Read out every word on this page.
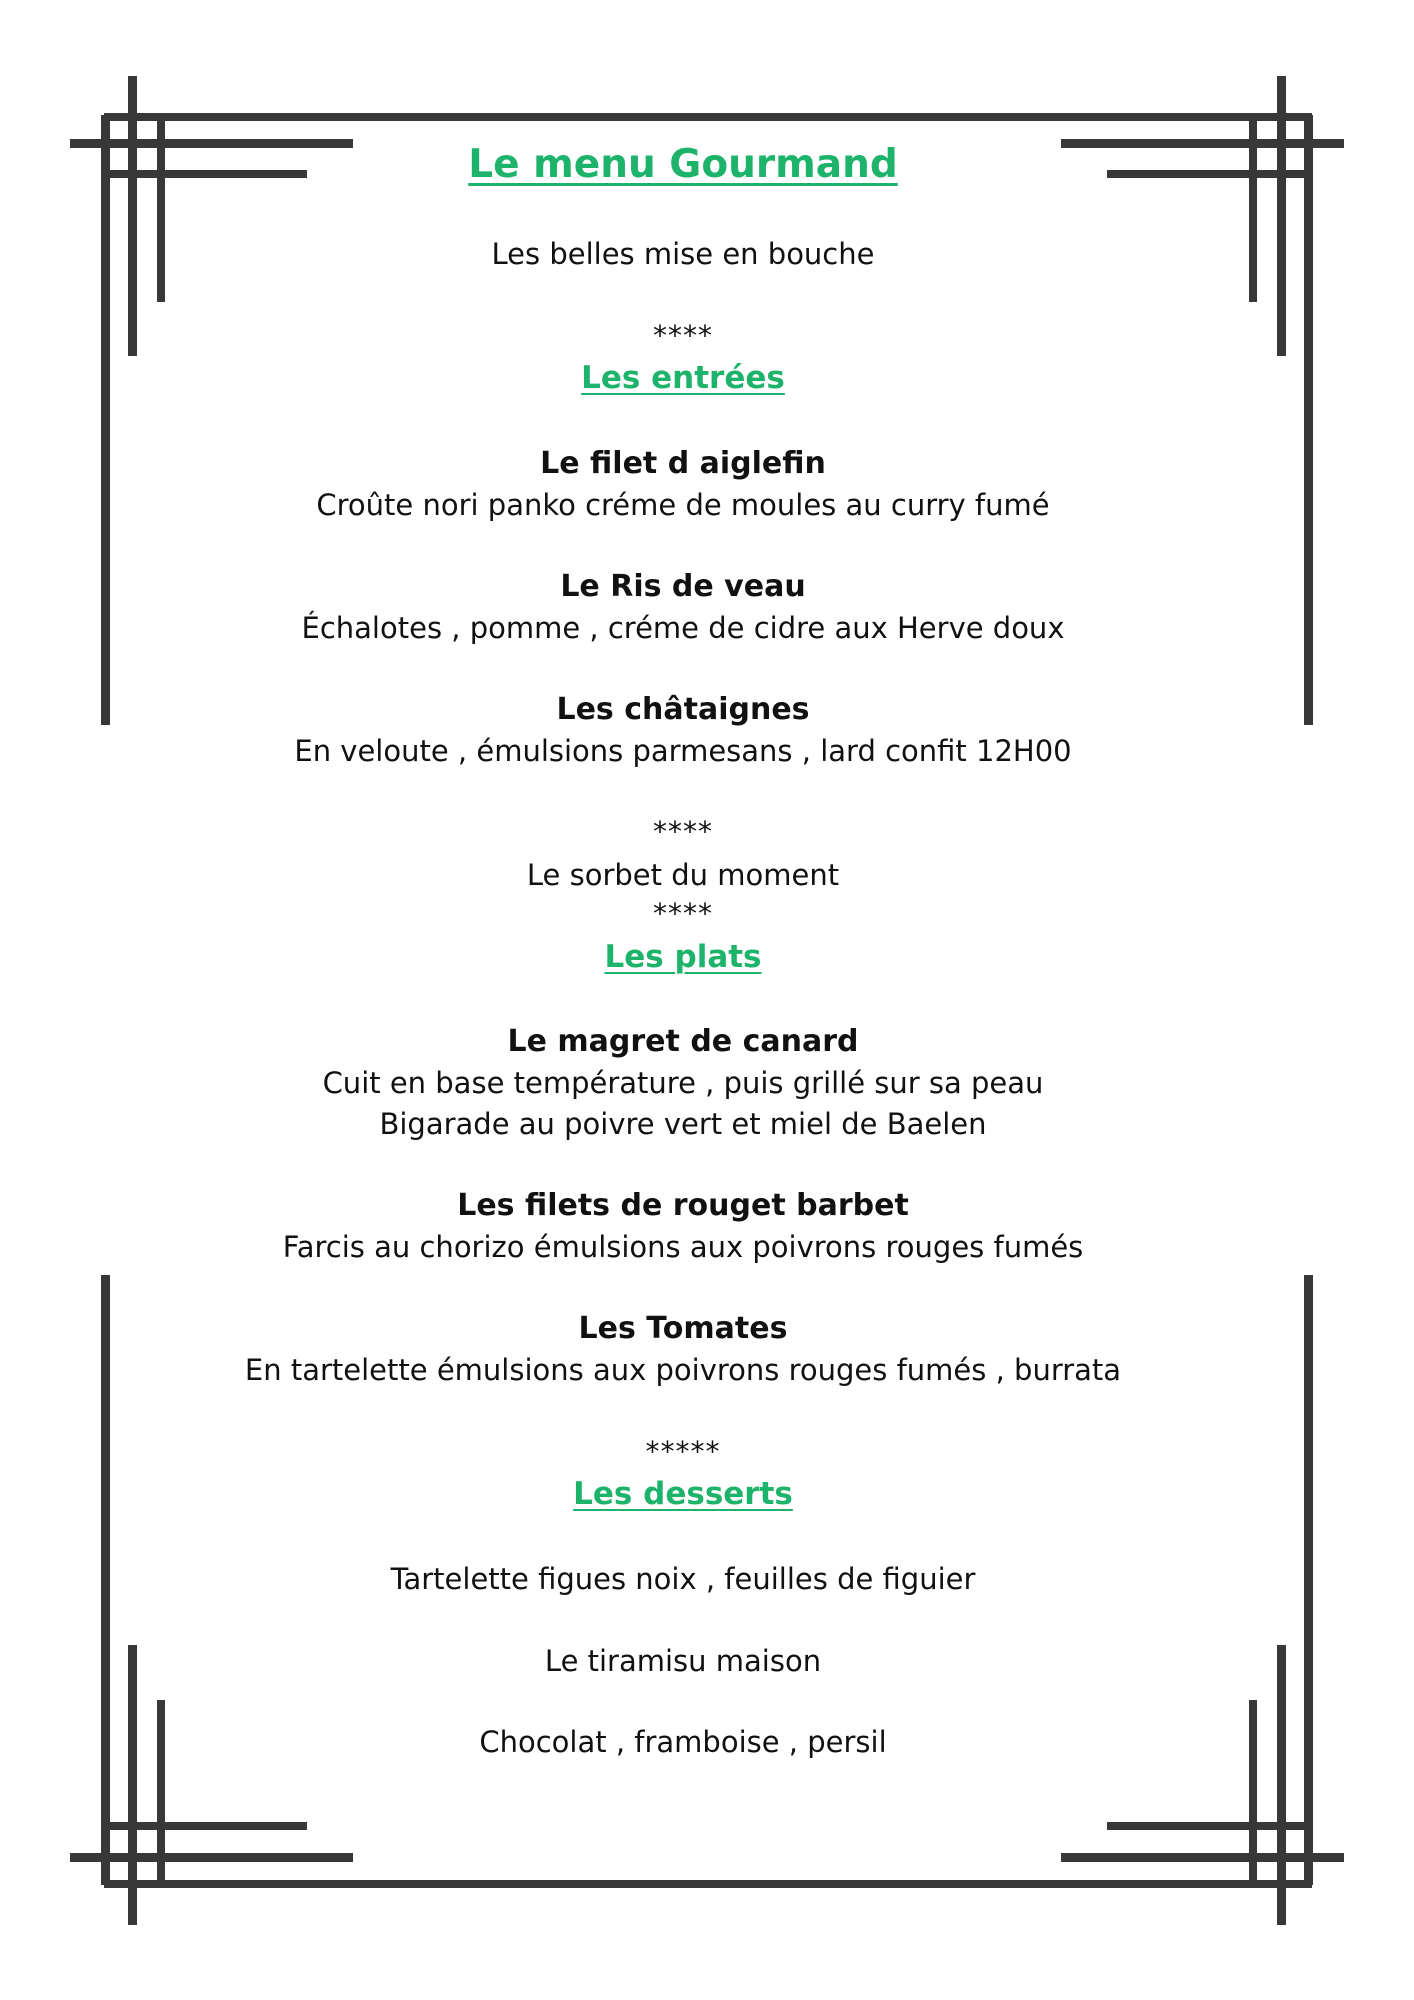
Le menu Gourmand
Les belles mise en bouche
****
Les entrées
Le filet d aiglefin
Croûte nori panko créme de moules au curry fumé
Le Ris de veau
Échalotes , pomme , créme de cidre aux Herve doux
Les châtaignes
En veloute , émulsions parmesans , lard confit 12H00
****
Le sorbet du moment
****
Les plats
Le magret de canard
Cuit en base température , puis grillé sur sa peau
Bigarade au poivre vert et miel de Baelen
Les filets de rouget barbet
Farcis au chorizo émulsions aux poivrons rouges fumés
Les Tomates
En tartelette émulsions aux poivrons rouges fumés , burrata
*****
Les desserts
Tartelette figues noix , feuilles de figuier
Le tiramisu maison
Chocolat , framboise , persil
